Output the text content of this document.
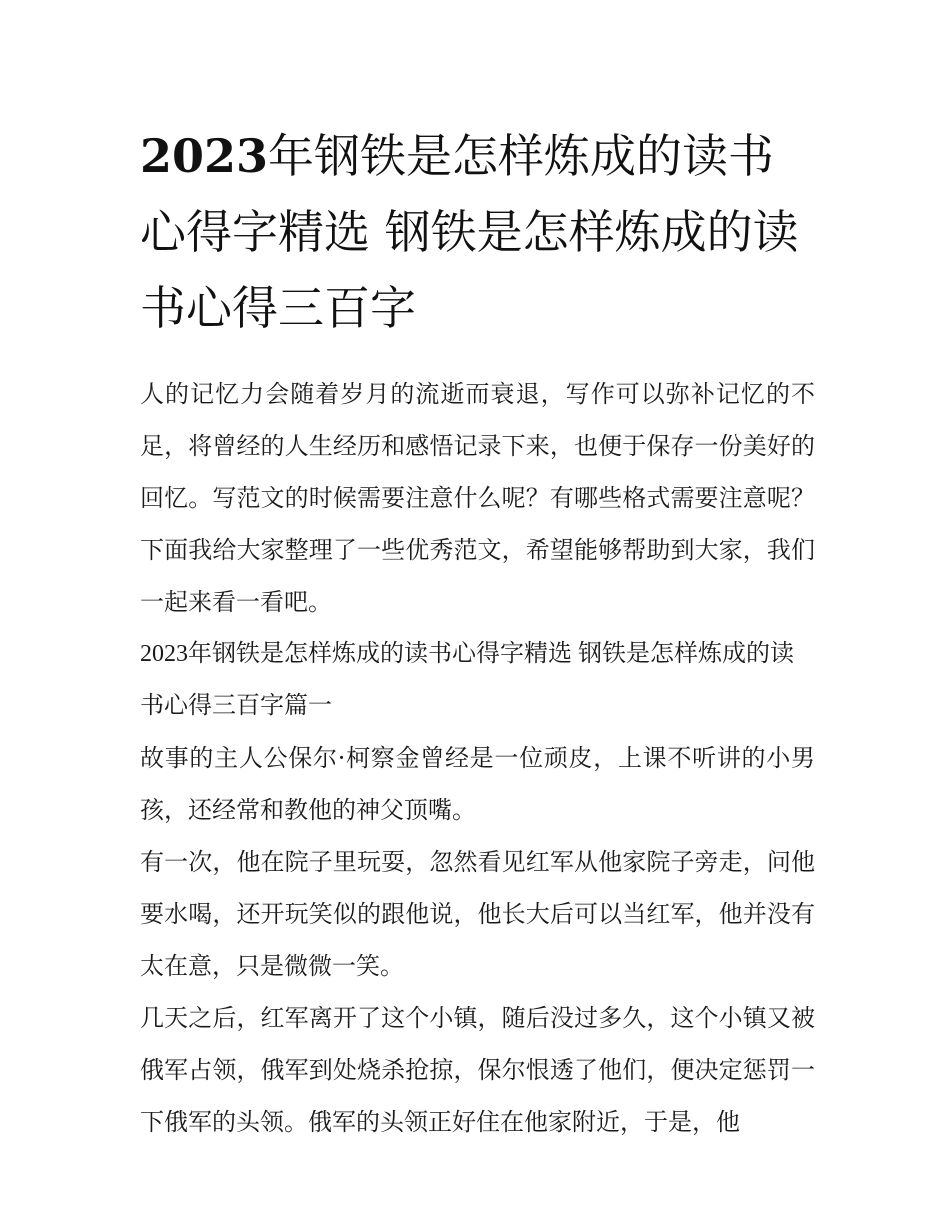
2023年钢铁是怎样炼成的读书心得字精选 钢铁是怎样炼成的读书心得三百字

人的记忆力会随着岁月的流逝而衰退，写作可以弥补记忆的不足，将曾经的人生经历和感悟记录下来，也便于保存一份美好的回忆。写范文的时候需要注意什么呢？有哪些格式需要注意呢？下面我给大家整理了一些优秀范文，希望能够帮助到大家，我们一起来看一看吧。

2023年钢铁是怎样炼成的读书心得字精选 钢铁是怎样炼成的读书心得三百字篇一

故事的主人公保尔·柯察金曾经是一位顽皮，上课不听讲的小男孩，还经常和教他的神父顶嘴。

有一次，他在院子里玩耍，忽然看见红军从他家院子旁走，问他要水喝，还开玩笑似的跟他说，他长大后可以当红军，他并没有太在意，只是微微一笑。

几天之后，红军离开了这个小镇，随后没过多久，这个小镇又被俄军占领，俄军到处烧杀抢掠，保尔恨透了他们，便决定惩罚一下俄军的头领。俄军的头领正好住在他家附近，于是，他
